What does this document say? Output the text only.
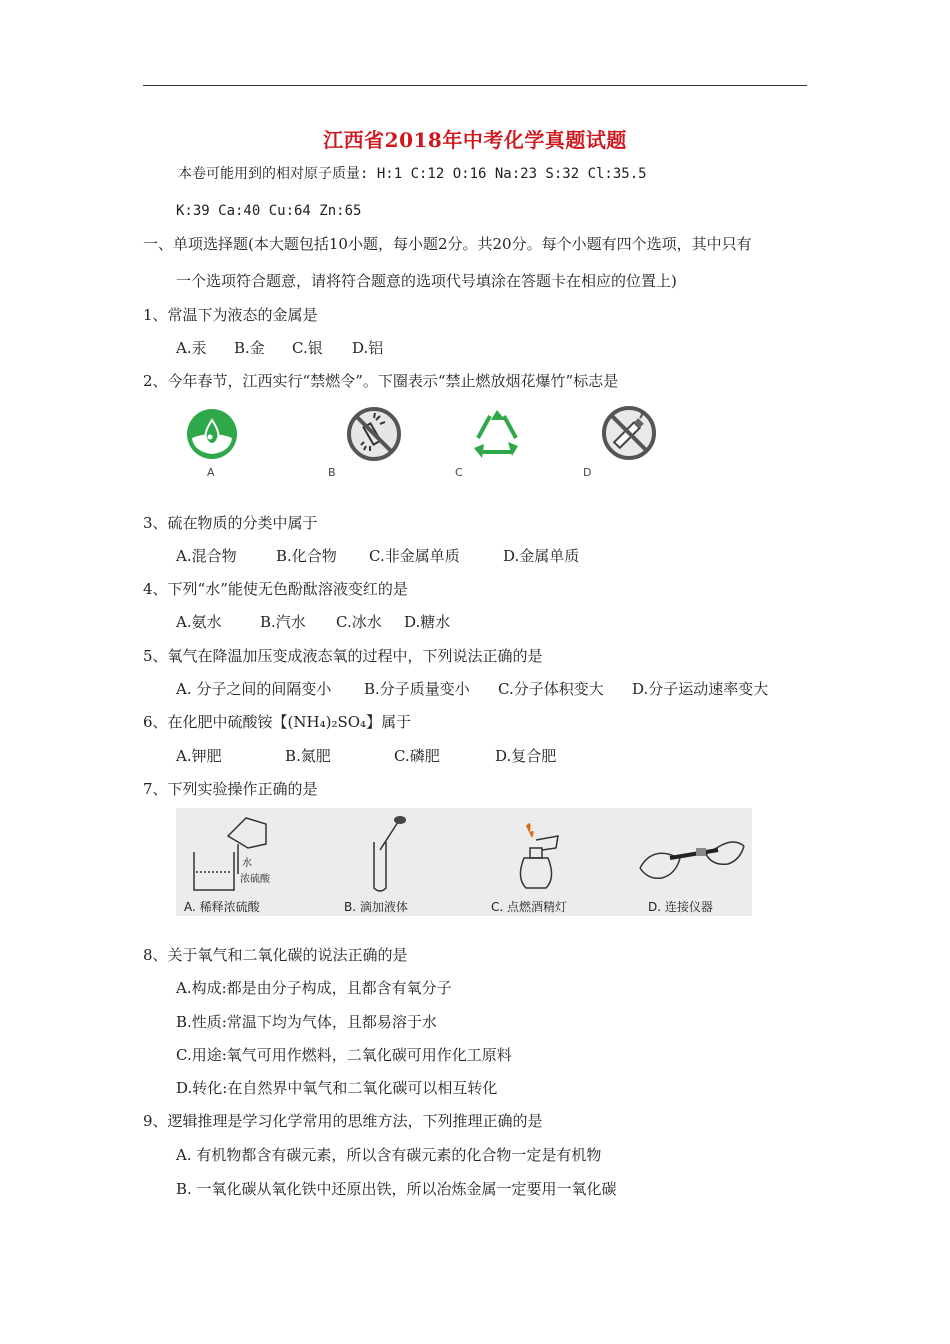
江西省2018年中考化学真题试题
本卷可能用到的相对原子质量: H:1 C:12 O:16 Na:23 S:32 Cl:35.5
K:39 Ca:40 Cu:64 Zn:65
一、单项选择题(本大题包括10小题，每小题2分。共20分。每个小题有四个选项，其中只有
一个选项符合题意，请将符合题意的选项代号填涂在答题卡在相应的位置上)
1、常温下为液态的金属是
A.汞 B.金 C.银 D.铝
2、今年春节，江西实行“禁燃令”。下圈表示“禁止燃放烟花爆竹”标志是
A	B	C	D
3、硫在物质的分类中属于
A.混合物	B.化合物 C.非金属单质	D.金属单质
4、下列“水”能使无色酚酞溶液变红的是
A.氨水	B.汽水 C.冰水 D.糖水
5、氧气在降温加压变成液态氧的过程中，下列说法正确的是
A. 分子之间的间隔变小 B.分子质量变小 C.分子体积变大 D.分子运动速率变大
6、在化肥中硫酸铵【(NH₄)₂SO₄】属于
A.钾肥	B.氮肥	C.磷肥	D.复合肥
7、下列实验操作正确的是
水
浓硫酸
A. 稀释浓硫酸	B. 滴加液体	C. 点燃酒精灯	D. 连接仪器
8、关于氧气和二氧化碳的说法正确的是
A.构成:都是由分子构成，且都含有氧分子
B.性质:常温下均为气体，且都易溶于水
C.用途:氧气可用作燃料，二氧化碳可用作化工原料
D.转化:在自然界中氧气和二氧化碳可以相互转化
9、逻辑推理是学习化学常用的思维方法，下列推理正确的是
A. 有机物都含有碳元素，所以含有碳元素的化合物一定是有机物
B. 一氧化碳从氧化铁中还原出铁，所以冶炼金属一定要用一氧化碳
